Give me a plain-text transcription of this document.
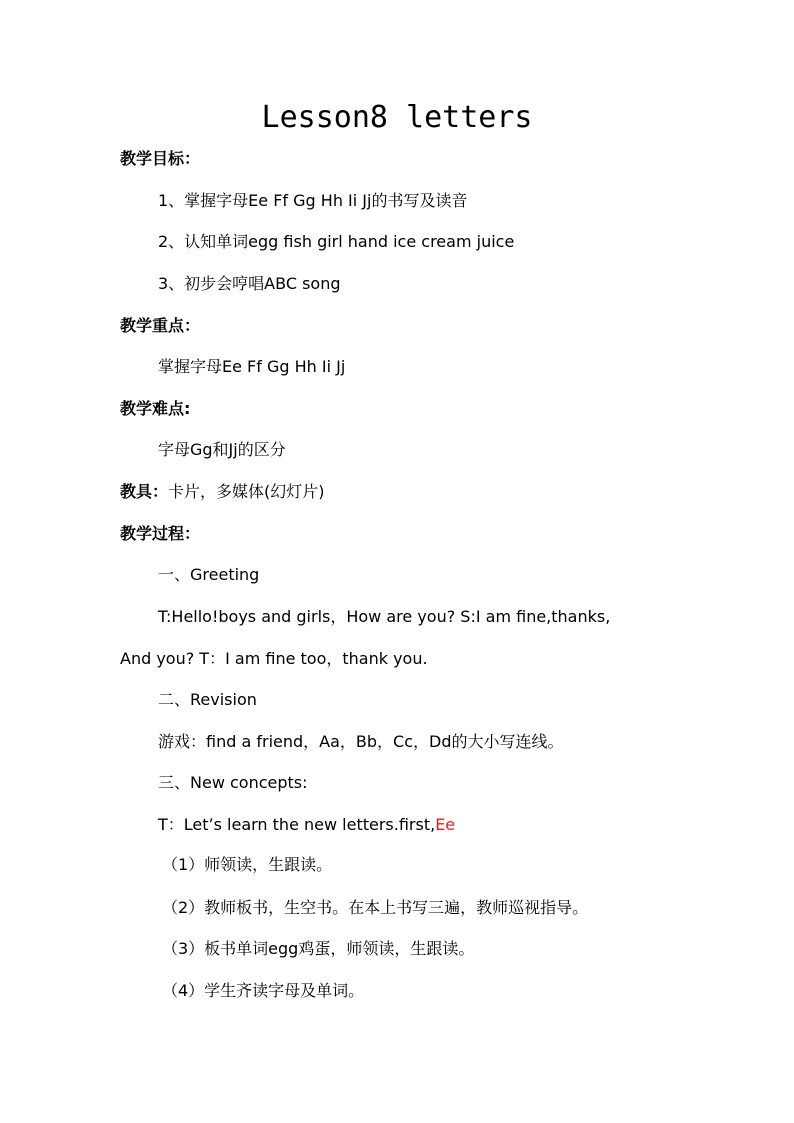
Lesson8 letters
教学目标：
1、掌握字母Ee Ff Gg Hh Ii Jj的书写及读音
2、认知单词egg fish girl hand ice cream juice
3、初步会哼唱ABC song
教学重点：
掌握字母Ee Ff Gg Hh Ii Jj
教学难点:
字母Gg和Jj的区分
教具：卡片，多媒体(幻灯片)
教学过程：
一、Greeting
T:Hello!boys and girls，How are you? S:I am fine,thanks,
And you? T：I am fine too，thank you.
二、Revision
游戏：find a friend，Aa，Bb，Cc，Dd的大小写连线。
三、New concepts:
T：Let’s learn the new letters.first,Ee
（1）师领读，生跟读。
（2）教师板书，生空书。在本上书写三遍，教师巡视指导。
（3）板书单词egg鸡蛋，师领读，生跟读。
（4）学生齐读字母及单词。
